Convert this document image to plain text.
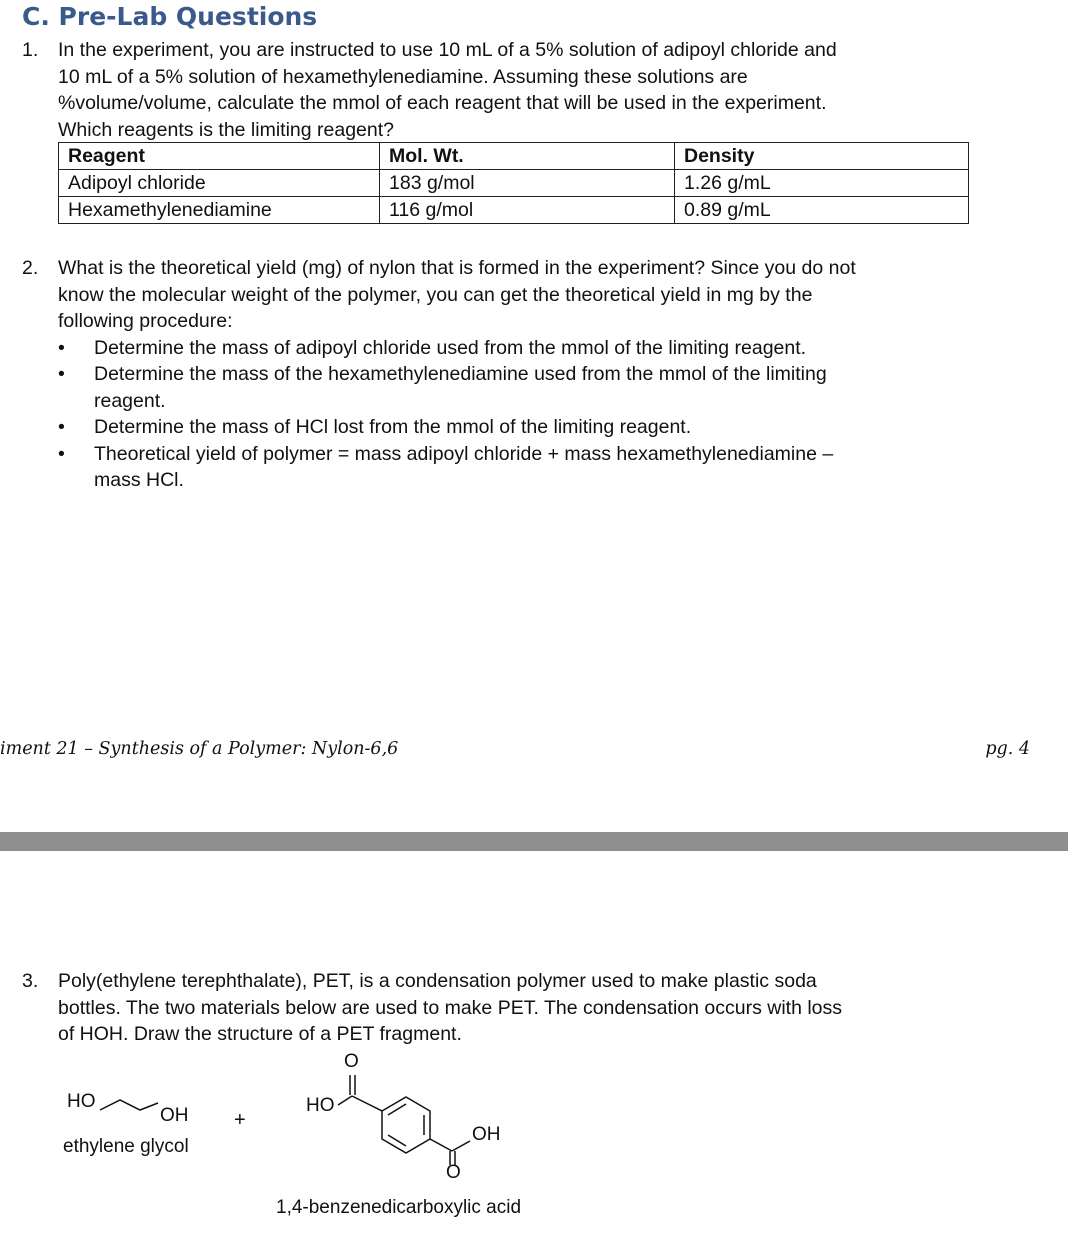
C. Pre-Lab Questions
1. In the experiment, you are instructed to use 10 mL of a 5% solution of adipoyl chloride and

10 mL of a 5% solution of hexamethylenediamine. Assuming these solutions are

%volume/volume, calculate the mmol of each reagent that will be used in the experiment.

Which reagents is the limiting reagent?

Reagent	Mol. Wt.	Density
Adipoyl chloride	183 g/mol	1.26 g/mL
Hexamethylenediamine	116 g/mol	0.89 g/mL
2. What is the theoretical yield (mg) of nylon that is formed in the experiment? Since you do not

know the molecular weight of the polymer, you can get the theoretical yield in mg by the

following procedure:

• Determine the mass of adipoyl chloride used from the mmol of the limiting reagent.
• Determine the mass of the hexamethylenediamine used from the mmol of the limiting
reagent.
• Determine the mass of HCl lost from the mmol of the limiting reagent.
• Theoretical yield of polymer = mass adipoyl chloride + mass hexamethylenediamine –
mass HCl.
iment 21 – Synthesis of a Polymer: Nylon-6,6	pg. 4
3. Poly(ethylene terephthalate), PET, is a condensation polymer used to make plastic soda

bottles. The two materials below are used to make PET. The condensation occurs with loss

of HOH. Draw the structure of a PET fragment.

HO
OH
ethylene glycol
+
O
HO
OH
O
1,4-benzenedicarboxylic acid
